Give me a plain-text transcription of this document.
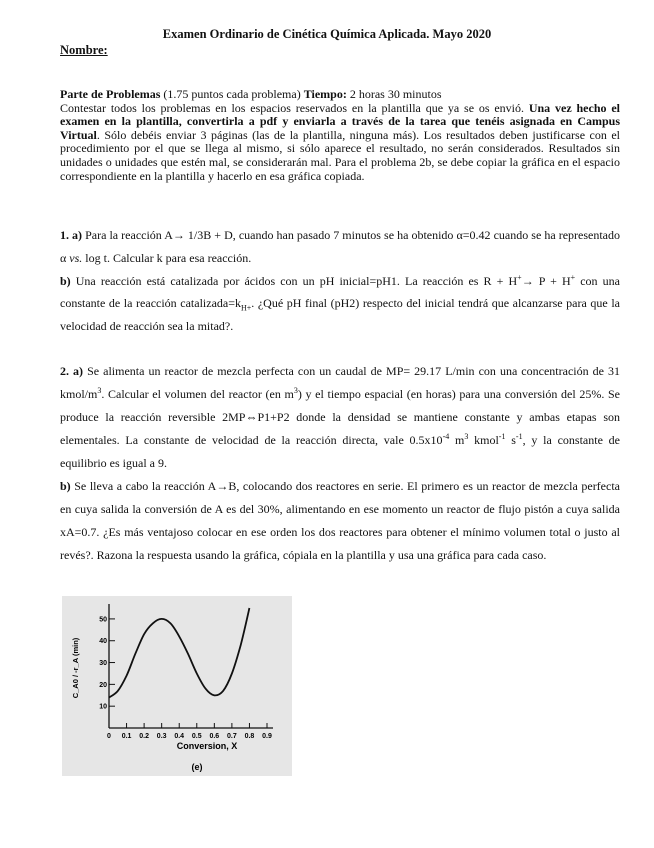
Examen Ordinario de Cinética Química Aplicada. Mayo 2020
Nombre:

Parte de Problemas (1.75 puntos cada problema) Tiempo: 2 horas 30 minutos

Contestar todos los problemas en los espacios reservados en la plantilla que ya se os envió. Una vez hecho el examen en la plantilla, convertirla a pdf y enviarla a través de la tarea que tenéis asignada en Campus Virtual. Sólo debéis enviar 3 páginas (las de la plantilla, ninguna más). Los resultados deben justificarse con el procedimiento por el que se llega al mismo, si sólo aparece el resultado, no serán considerados. Resultados sin unidades o unidades que estén mal, se considerarán mal. Para el problema 2b, se debe copiar la gráfica en el espacio correspondiente en la plantilla y hacerlo en esa gráfica copiada.

1. a) Para la reacción A→ 1/3B + D, cuando han pasado 7 minutos se ha obtenido α=0.42 cuando se ha representado α vs. log t. Calcular k para esa reacción.

b) Una reacción está catalizada por ácidos con un pH inicial=pH1. La reacción es R + H+→ P + H+ con una constante de la reacción $catalizada=k_{H+}$. ¿Qué pH final (pH2) respecto del inicial tendrá que alcanzarse para que la velocidad de reacción sea la mitad?.

2. a) Se alimenta un reactor de mezcla perfecta con un caudal de MP= 29.17 L/min con una concentración de 31 kmol/$m^3$. Calcular el volumen del reactor (en $m^3$) y el tiempo espacial (en horas) para una conversión del 25%. Se produce la reacción reversible 2MP⇔P1+P2 donde la densidad se mantiene constante y ambas etapas son elementales. La constante de velocidad de la reacción directa, vale $0.5x10^{-4}$ $m^3$ kmol$^{-1}$ $s^{-1}$, y la constante de equilibrio es igual a 9.

b) Se lleva a cabo la reacción A→B, colocando dos reactores en serie. El primero es un reactor de mezcla perfecta en cuya salida la conversión de A es del 30%, alimentando en ese momento un reactor de flujo pistón a cuya salida xA=0.7. ¿Es más ventajoso colocar en ese orden los dos reactores para obtener el mínimo volumen total o justo al revés?. Razona la respuesta usando la gráfica, cópiala en la plantilla y usa una gráfica para cada caso.

0 0.1 0.2 0.3 0.4 0.5 0.6 0.7 0.8 0.9
10
20
30
40
50
Conversion, X
(e)
C_A0 / -r_A (min)
